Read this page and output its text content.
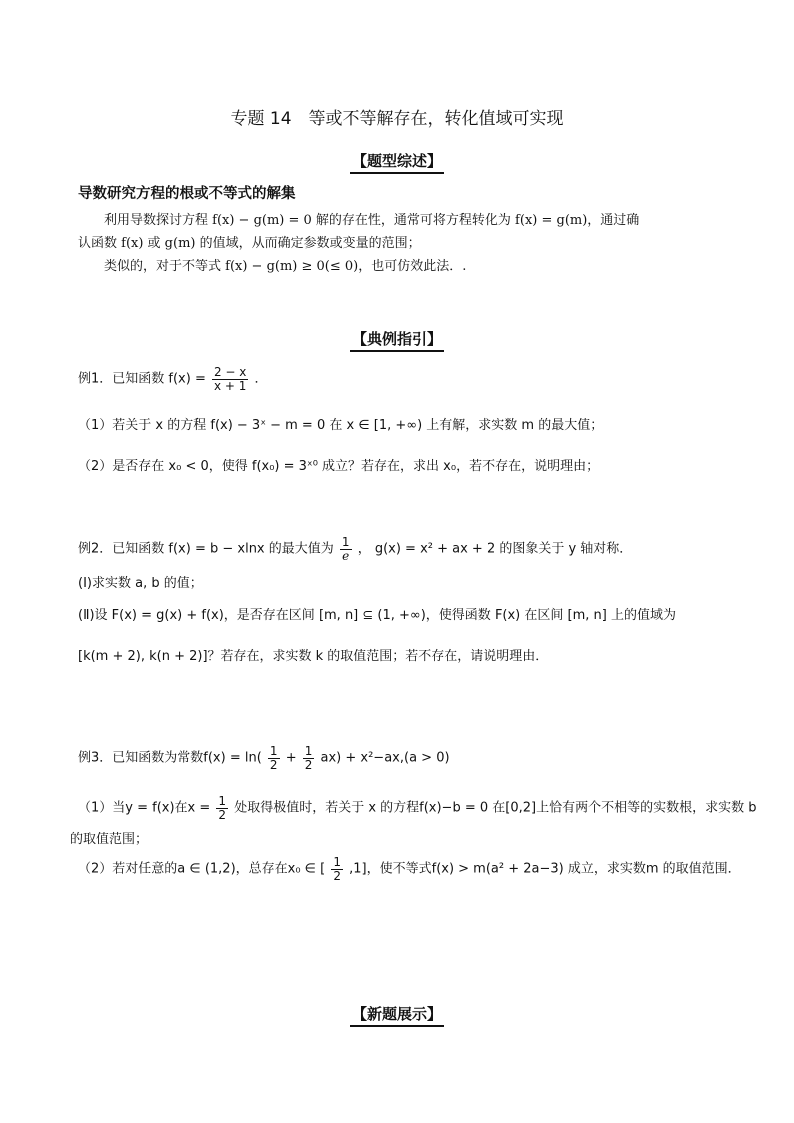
专题 14　等或不等解存在，转化值域可实现
【题型综述】
导数研究方程的根或不等式的解集
利用导数探讨方程 f(x) − g(m) = 0 解的存在性，通常可将方程转化为 f(x) = g(m)，通过确
认函数 f(x) 或 g(m) 的值域，从而确定参数或变量的范围；
类似的，对于不等式 f(x) − g(m) ≥ 0(≤ 0)，也可仿效此法．.
【典例指引】
例1．已知函数 $f(x) = \frac{2 - x}{x + 1}$ ．
（1）若关于 x 的方程 f(x) − 3ˣ − m = 0 在 x ∈ [1, +∞) 上有解，求实数 m 的最大值；
（2）是否存在 x₀ < 0，使得 f(x₀) = 3ˣ⁰ 成立？若存在，求出 x₀，若不存在，说明理由；
例2．已知函数 f(x) = b − xlnx 的最大值为 $\frac{1}{e}$ ， g(x) = x² + ax + 2 的图象关于 y 轴对称．
(Ⅰ)求实数 a, b 的值；
(Ⅱ)设 F(x) = g(x) + f(x)，是否存在区间 [m, n] ⊆ (1, +∞)，使得函数 F(x) 在区间 [m, n] 上的值域为
[k(m + 2), k(n + 2)]？若存在，求实数 k 的取值范围；若不存在，请说明理由．
例3．已知函数为常数$f(x) = \ln( \frac{1}{2} + \frac{1}{2} ax) + x^2-ax,(a > 0)$
（1）当y = f(x)在$x = \frac{1}{2}$ 处取得极值时，若关于 x 的方程f(x)−b = 0 在[0,2]上恰有两个不相等的实数根，求实数 b
的取值范围；
（2）若对任意的a ∈ (1,2)，总存在x₀ ∈ [ $\frac{1}{2} ,1$]，使不等式f(x) > m(a² + 2a−3) 成立，求实数m 的取值范围．
【新题展示】
